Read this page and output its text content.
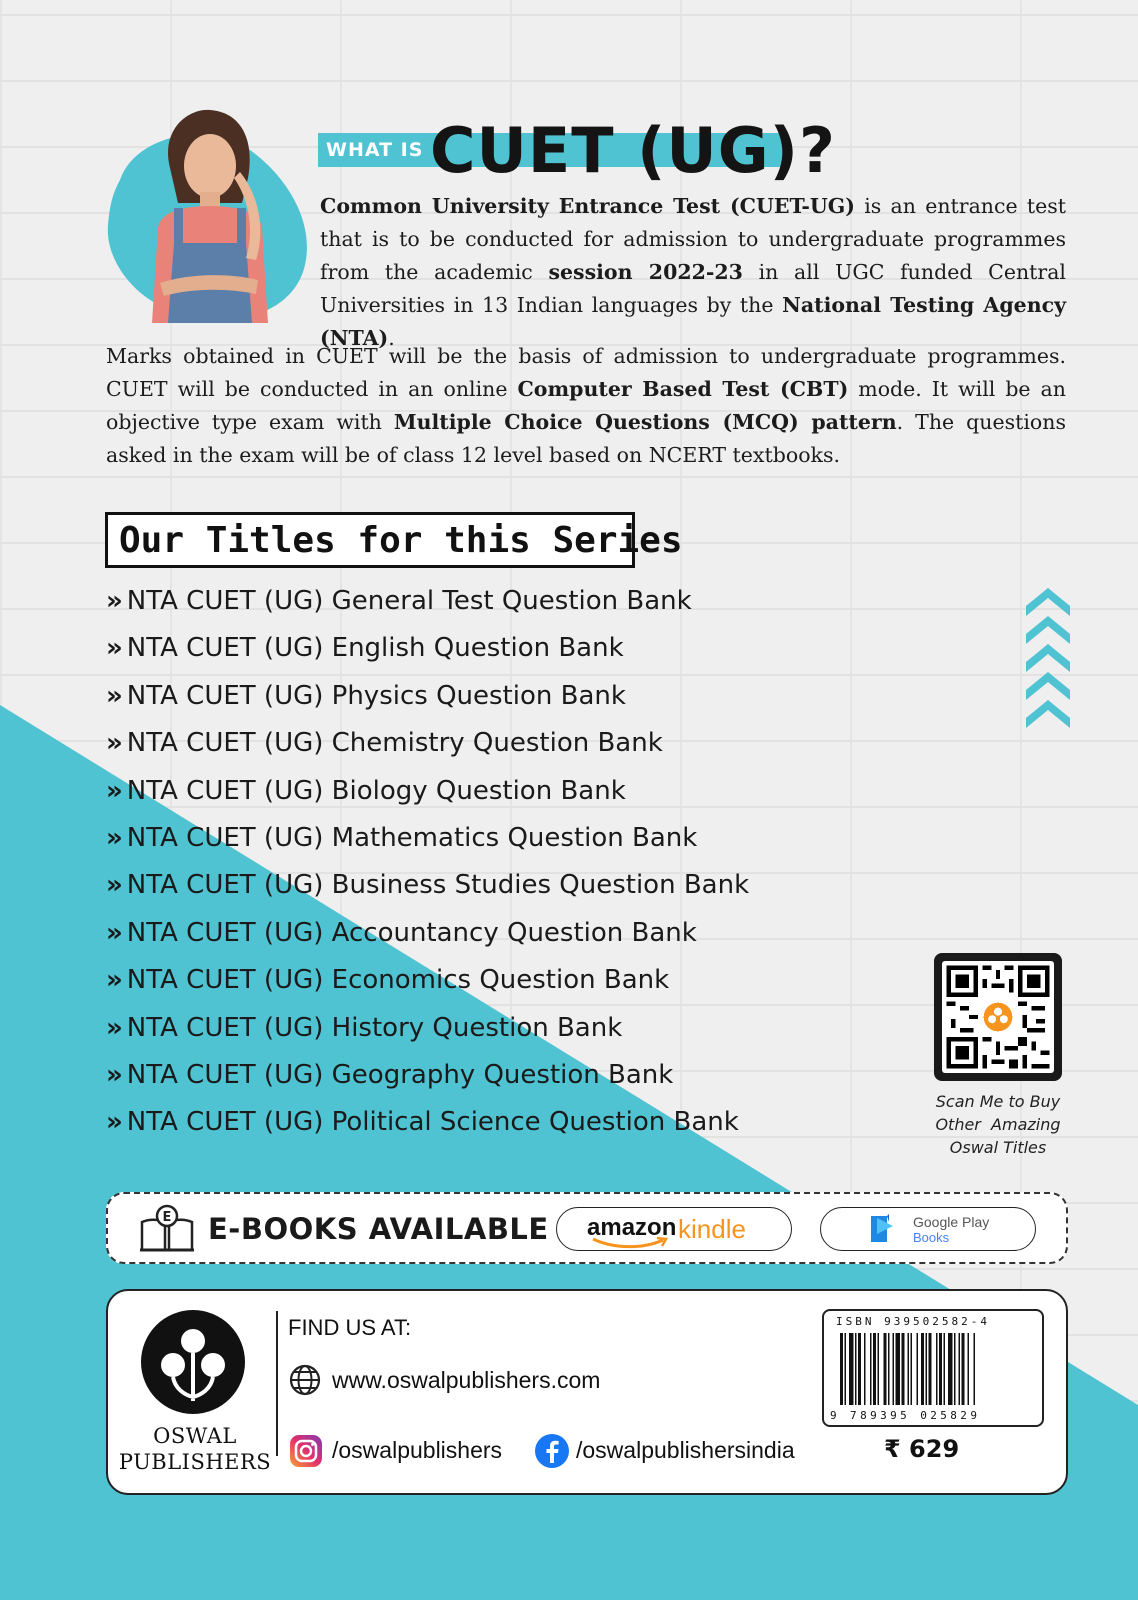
WHAT IS CUET (UG)?

Common University Entrance Test (CUET-UG) is an entrance test that is to be conducted for admission to undergraduate programmes from the academic session 2022-23 in all UGC funded Central Universities in 13 Indian languages by the National Testing Agency (NTA).

Marks obtained in CUET will be the basis of admission to undergraduate programmes. CUET will be conducted in an online Computer Based Test (CBT) mode. It will be an objective type exam with Multiple Choice Questions (MCQ) pattern. The questions asked in the exam will be of class 12 level based on NCERT textbooks.

Our Titles for this Series
» NTA CUET (UG) General Test Question Bank
» NTA CUET (UG) English Question Bank
» NTA CUET (UG) Physics Question Bank
» NTA CUET (UG) Chemistry Question Bank
» NTA CUET (UG) Biology Question Bank
» NTA CUET (UG) Mathematics Question Bank
» NTA CUET (UG) Business Studies Question Bank
» NTA CUET (UG) Accountancy Question Bank
» NTA CUET (UG) Economics Question Bank
» NTA CUET (UG) History Question Bank
» NTA CUET (UG) Geography Question Bank
» NTA CUET (UG) Political Science Question Bank
Scan Me to Buy
Other  Amazing
Oswal Titles
E E-BOOKS AVAILABLE amazon kindle	Google Play
Books
OSWAL
PUBLISHERS
FIND US AT:
www.oswalpublishers.com
/oswalpublishers	/oswalpublishersindia
ISBN 939502582-4
9 789395 025829
₹ 629
